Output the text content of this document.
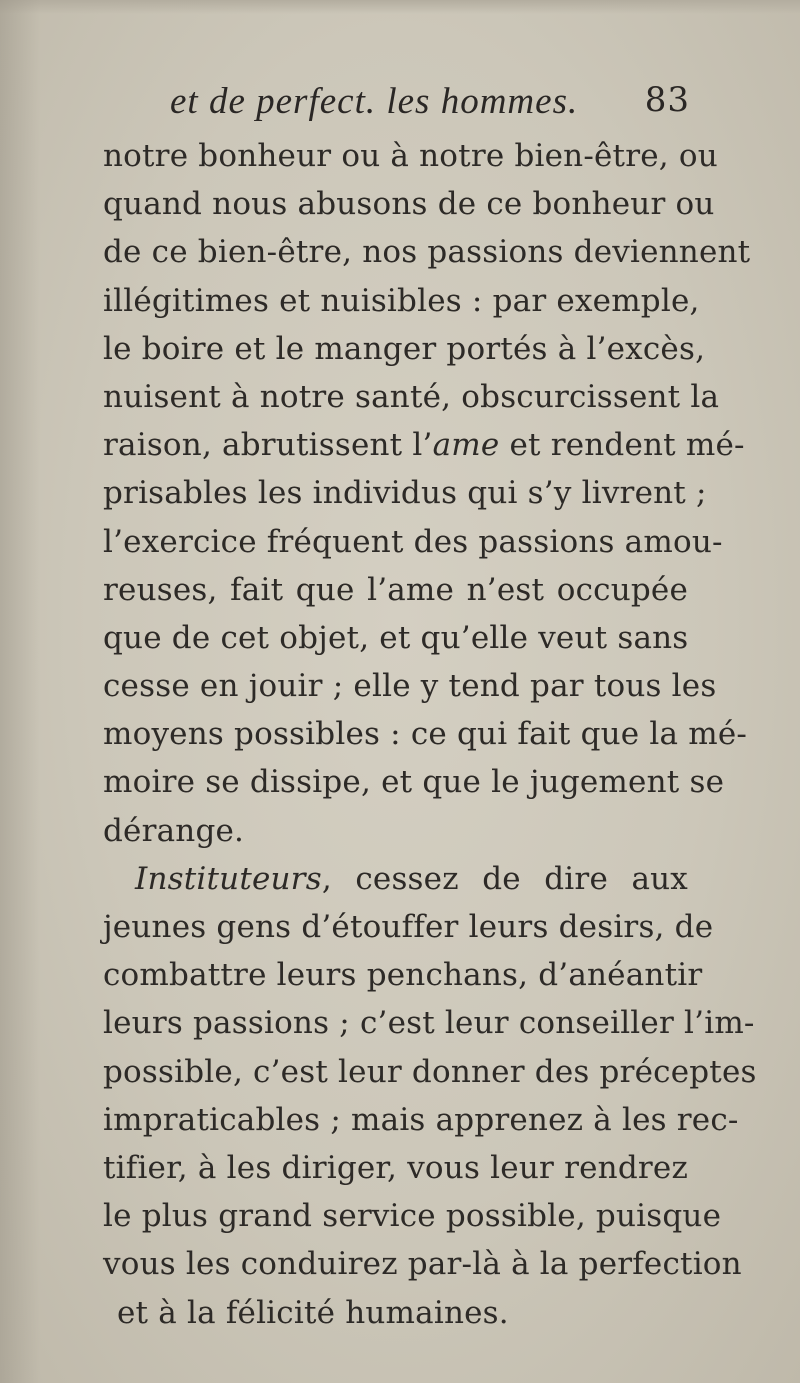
et de perfect. les hommes. 83
notre bonheur ou à notre bien-être, ou
quand nous abusons de ce bonheur ou
de ce bien-être, nos passions deviennent
illégitimes et nuisibles : par exemple,
le boire et le manger portés à l’excès,
nuisent à notre santé, obscurcissent la
raison, abrutissent l’ame et rendent mé-
prisables les individus qui s’y livrent ;
l’exercice fréquent des passions amou-
reuses, fait que l’ame n’est occupée
que de cet objet, et qu’elle veut sans
cesse en jouir ; elle y tend par tous les
moyens possibles : ce qui fait que la mé-
moire se dissipe, et que le jugement se
dérange.
Instituteurs, cessez de dire aux
jeunes gens d’étouffer leurs desirs, de
combattre leurs penchans, d’anéantir
leurs passions ; c’est leur conseiller l’im-
possible, c’est leur donner des préceptes
impraticables ; mais apprenez à les rec-
tifier, à les diriger, vous leur rendrez
le plus grand service possible, puisque
vous les conduirez par-là à la perfection
et à la félicité humaines.
